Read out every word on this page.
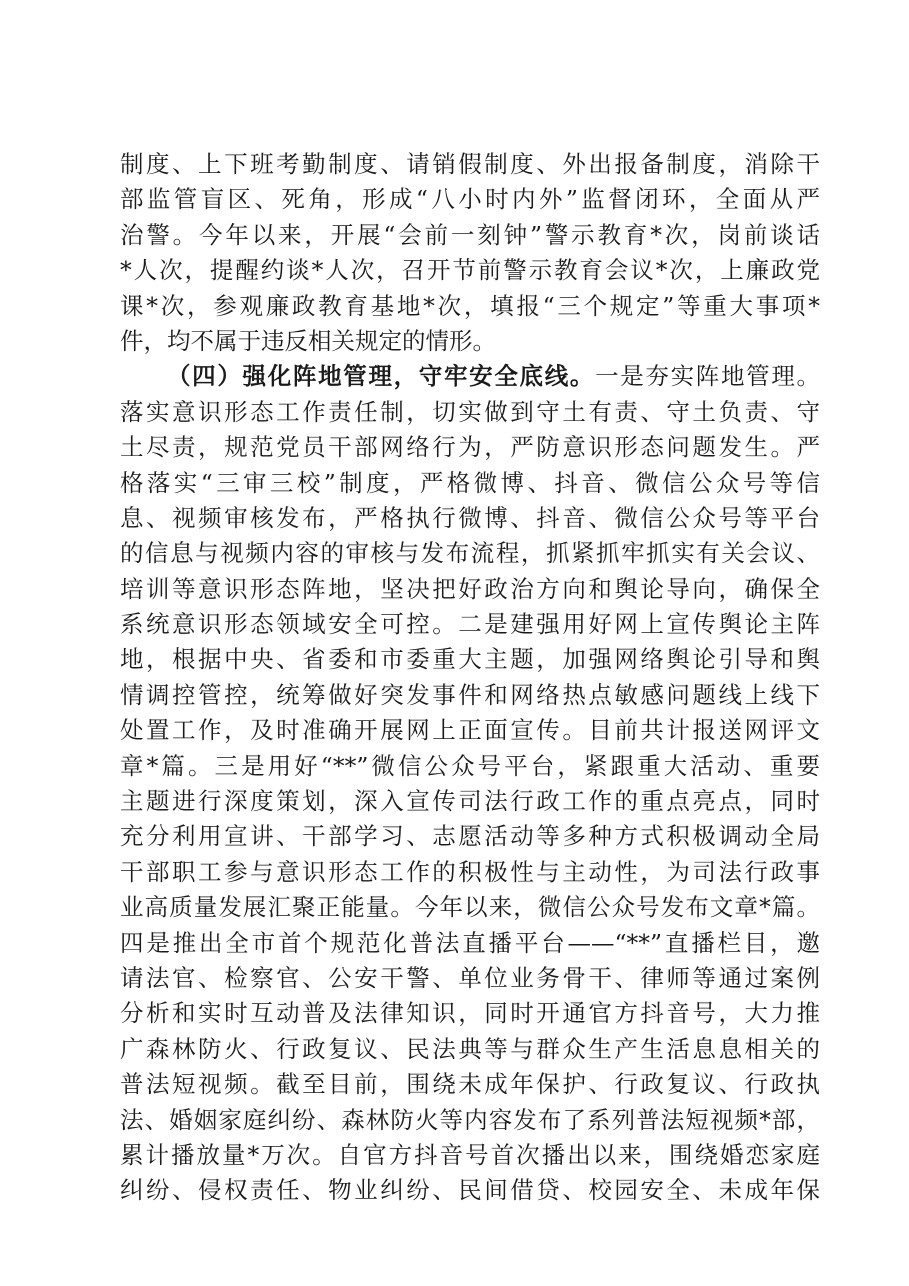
制度、上下班考勤制度、请销假制度、外出报备制度，消除干
部监管盲区、死角，形成“八小时内外”监督闭环，全面从严
治警。今年以来，开展“会前一刻钟”警示教育*次，岗前谈话
*人次，提醒约谈*人次，召开节前警示教育会议*次，上廉政党
课*次，参观廉政教育基地*次，填报“三个规定”等重大事项*
件，均不属于违反相关规定的情形。
（四）强化阵地管理，守牢安全底线。一是夯实阵地管理。
落实意识形态工作责任制，切实做到守土有责、守土负责、守
土尽责，规范党员干部网络行为，严防意识形态问题发生。严
格落实“三审三校”制度，严格微博、抖音、微信公众号等信
息、视频审核发布，严格执行微博、抖音、微信公众号等平台
的信息与视频内容的审核与发布流程，抓紧抓牢抓实有关会议、
培训等意识形态阵地，坚决把好政治方向和舆论导向，确保全
系统意识形态领域安全可控。二是建强用好网上宣传舆论主阵
地，根据中央、省委和市委重大主题，加强网络舆论引导和舆
情调控管控，统筹做好突发事件和网络热点敏感问题线上线下
处置工作，及时准确开展网上正面宣传。目前共计报送网评文
章*篇。三是用好“**”微信公众号平台，紧跟重大活动、重要
主题进行深度策划，深入宣传司法行政工作的重点亮点，同时
充分利用宣讲、干部学习、志愿活动等多种方式积极调动全局
干部职工参与意识形态工作的积极性与主动性，为司法行政事
业高质量发展汇聚正能量。今年以来，微信公众号发布文章*篇。
四是推出全市首个规范化普法直播平台——“**”直播栏目，邀
请法官、检察官、公安干警、单位业务骨干、律师等通过案例
分析和实时互动普及法律知识，同时开通官方抖音号，大力推
广森林防火、行政复议、民法典等与群众生产生活息息相关的
普法短视频。截至目前，围绕未成年保护、行政复议、行政执
法、婚姻家庭纠纷、森林防火等内容发布了系列普法短视频*部，
累计播放量*万次。自官方抖音号首次播出以来，围绕婚恋家庭
纠纷、侵权责任、物业纠纷、民间借贷、校园安全、未成年保
